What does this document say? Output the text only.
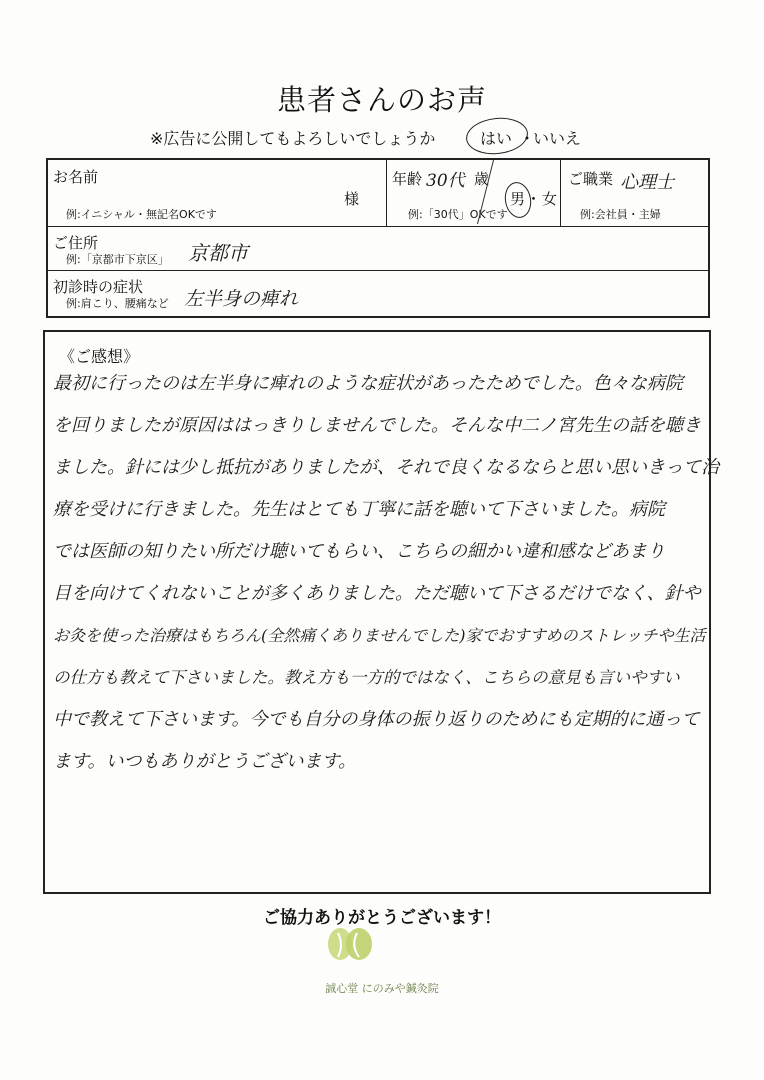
患者さんのお声
※広告に公開してもよろしいでしょうか	はい ・
いいえ
お名前
様
例:イニシャル・無記名OKです
年齢 30代 歳
例:「30代」OKです
男 ・ 女
ご職業 心理士
例:会社員・主婦
ご住所
例:「京都市下京区」 京都市
初診時の症状
例:肩こり、腰痛など 左半身の痺れ
《ご感想》
最初に行ったのは左半身に痺れのような症状があったためでした。色々な病院
を回りましたが原因ははっきりしませんでした。そんな中二ノ宮先生の話を聴き
ました。針には少し抵抗がありましたが、それで良くなるならと思い思いきって治
療を受けに行きました。先生はとても丁寧に話を聴いて下さいました。病院
では医師の知りたい所だけ聴いてもらい、こちらの細かい違和感などあまり
目を向けてくれないことが多くありました。ただ聴いて下さるだけでなく、針や
お灸を使った治療はもちろん(全然痛くありませんでした)家でおすすめのストレッチや生活
の仕方も教えて下さいました。教え方も一方的ではなく、こちらの意見も言いやすい
中で教えて下さいます。今でも自分の身体の振り返りのためにも定期的に通って
ます。いつもありがとうございます。
ご協力ありがとうございます！
誠心堂 にのみや鍼灸院
